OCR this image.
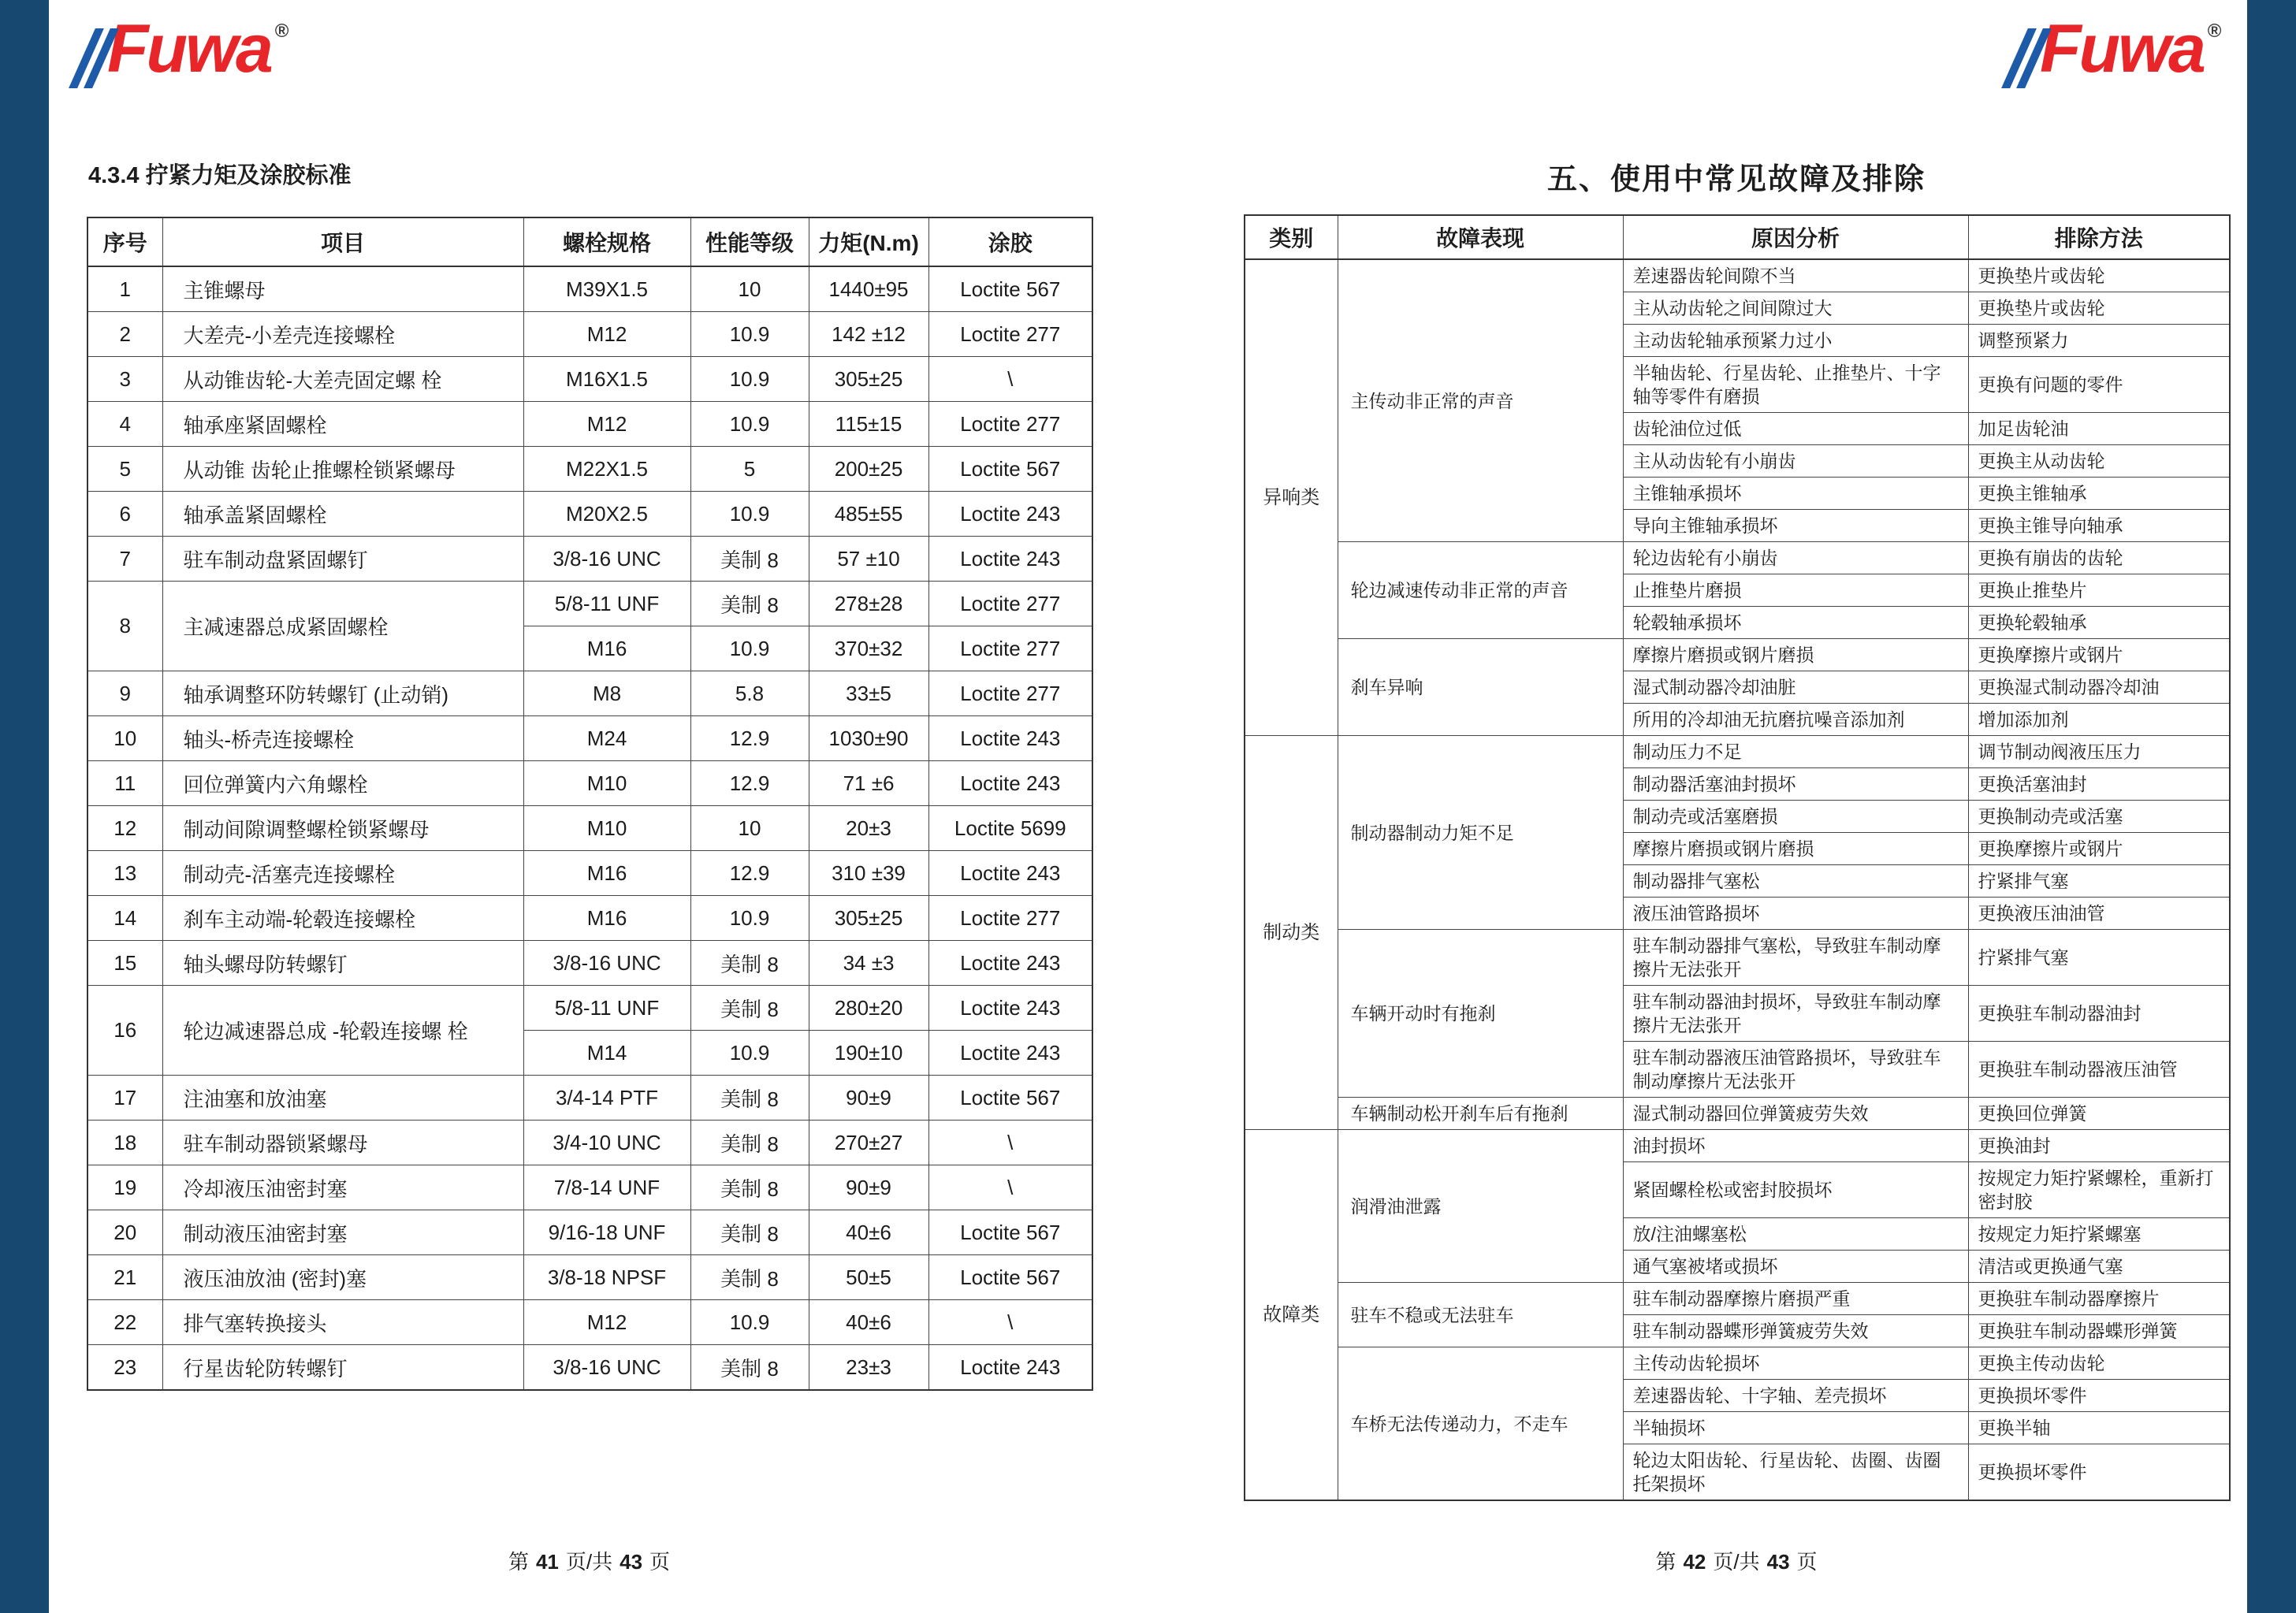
Fuwa ®	Fuwa ®
4.3.4 拧紧力矩及涂胶标准
序号	项目	螺栓规格	性能等级	力矩(N.m)	涂胶
1	主锥螺母	M39X1.5	10	1440±95	Loctite 567
2	大差壳-小差壳连接螺栓	M12	10.9	142 ±12	Loctite 277
3	从动锥齿轮-大差壳固定螺 栓	M16X1.5	10.9	305±25	\
4	轴承座紧固螺栓	M12	10.9	115±15	Loctite 277
5	从动锥 齿轮止推螺栓锁紧螺母	M22X1.5	5	200±25	Loctite 567
6	轴承盖紧固螺栓	M20X2.5	10.9	485±55	Loctite 243
7	驻车制动盘紧固螺钉	3/8-16 UNC	美制 8	57 ±10	Loctite 243
8	主减速器总成紧固螺栓	5/8-11 UNF	美制 8	278±28	Loctite 277
		M16	10.9	370±32	Loctite 277
9	轴承调整环防转螺钉 (止动销)	M8	5.8	33±5	Loctite 277
10	轴头-桥壳连接螺栓	M24	12.9	1030±90	Loctite 243
11	回位弹簧内六角螺栓	M10	12.9	71 ±6	Loctite 243
12	制动间隙调整螺栓锁紧螺母	M10	10	20±3	Loctite 5699
13	制动壳-活塞壳连接螺栓	M16	12.9	310 ±39	Loctite 243
14	刹车主动端-轮毂连接螺栓	M16	10.9	305±25	Loctite 277
15	轴头螺母防转螺钉	3/8-16 UNC	美制 8	34 ±3	Loctite 243
16	轮边减速器总成 -轮毂连接螺 栓	5/8-11 UNF	美制 8	280±20	Loctite 243
		M14	10.9	190±10	Loctite 243
17	注油塞和放油塞	3/4-14 PTF	美制 8	90±9	Loctite 567
18	驻车制动器锁紧螺母	3/4-10 UNC	美制 8	270±27	\
19	冷却液压油密封塞	7/8-14 UNF	美制 8	90±9	\
20	制动液压油密封塞	9/16-18 UNF	美制 8	40±6	Loctite 567
21	液压油放油 (密封)塞	3/8-18 NPSF	美制 8	50±5	Loctite 567
22	排气塞转换接头	M12	10.9	40±6	\
23	行星齿轮防转螺钉	3/8-16 UNC	美制 8	23±3	Loctite 243
第 41 页/共 43 页
五、使用中常见故障及排除
类别	故障表现	原因分析	排除方法
异响类	主传动非正常的声音	差速器齿轮间隙不当	更换垫片或齿轮
		主从动齿轮之间间隙过大	更换垫片或齿轮
		主动齿轮轴承预紧力过小	调整预紧力
		半轴齿轮、行星齿轮、止推垫片、十字轴等零件有磨损	更换有问题的零件
		齿轮油位过低	加足齿轮油
		主从动齿轮有小崩齿	更换主从动齿轮
		主锥轴承损坏	更换主锥轴承
		导向主锥轴承损坏	更换主锥导向轴承
	轮边减速传动非正常的声音	轮边齿轮有小崩齿	更换有崩齿的齿轮
		止推垫片磨损	更换止推垫片
		轮毂轴承损坏	更换轮毂轴承
	刹车异响	摩擦片磨损或钢片磨损	更换摩擦片或钢片
		湿式制动器冷却油脏	更换湿式制动器冷却油
		所用的冷却油无抗磨抗噪音添加剂	增加添加剂
制动类	制动器制动力矩不足	制动压力不足	调节制动阀液压压力
		制动器活塞油封损坏	更换活塞油封
		制动壳或活塞磨损	更换制动壳或活塞
		摩擦片磨损或钢片磨损	更换摩擦片或钢片
		制动器排气塞松	拧紧排气塞
		液压油管路损坏	更换液压油油管
	车辆开动时有拖刹	驻车制动器排气塞松，导致驻车制动摩擦片无法张开	拧紧排气塞
		驻车制动器油封损坏，导致驻车制动摩擦片无法张开	更换驻车制动器油封
		驻车制动器液压油管路损坏，导致驻车制动摩擦片无法张开	更换驻车制动器液压油管
	车辆制动松开刹车后有拖刹	湿式制动器回位弹簧疲劳失效	更换回位弹簧
故障类	润滑油泄露	油封损坏	更换油封
		紧固螺栓松或密封胶损坏	按规定力矩拧紧螺栓，重新打密封胶
		放/注油螺塞松	按规定力矩拧紧螺塞
		通气塞被堵或损坏	清洁或更换通气塞
	驻车不稳或无法驻车	驻车制动器摩擦片磨损严重	更换驻车制动器摩擦片
		驻车制动器蝶形弹簧疲劳失效	更换驻车制动器蝶形弹簧
	车桥无法传递动力，不走车	主传动齿轮损坏	更换主传动齿轮
		差速器齿轮、十字轴、差壳损坏	更换损坏零件
		半轴损坏	更换半轴
		轮边太阳齿轮、行星齿轮、齿圈、齿圈托架损坏	更换损坏零件
第 42 页/共 43 页
